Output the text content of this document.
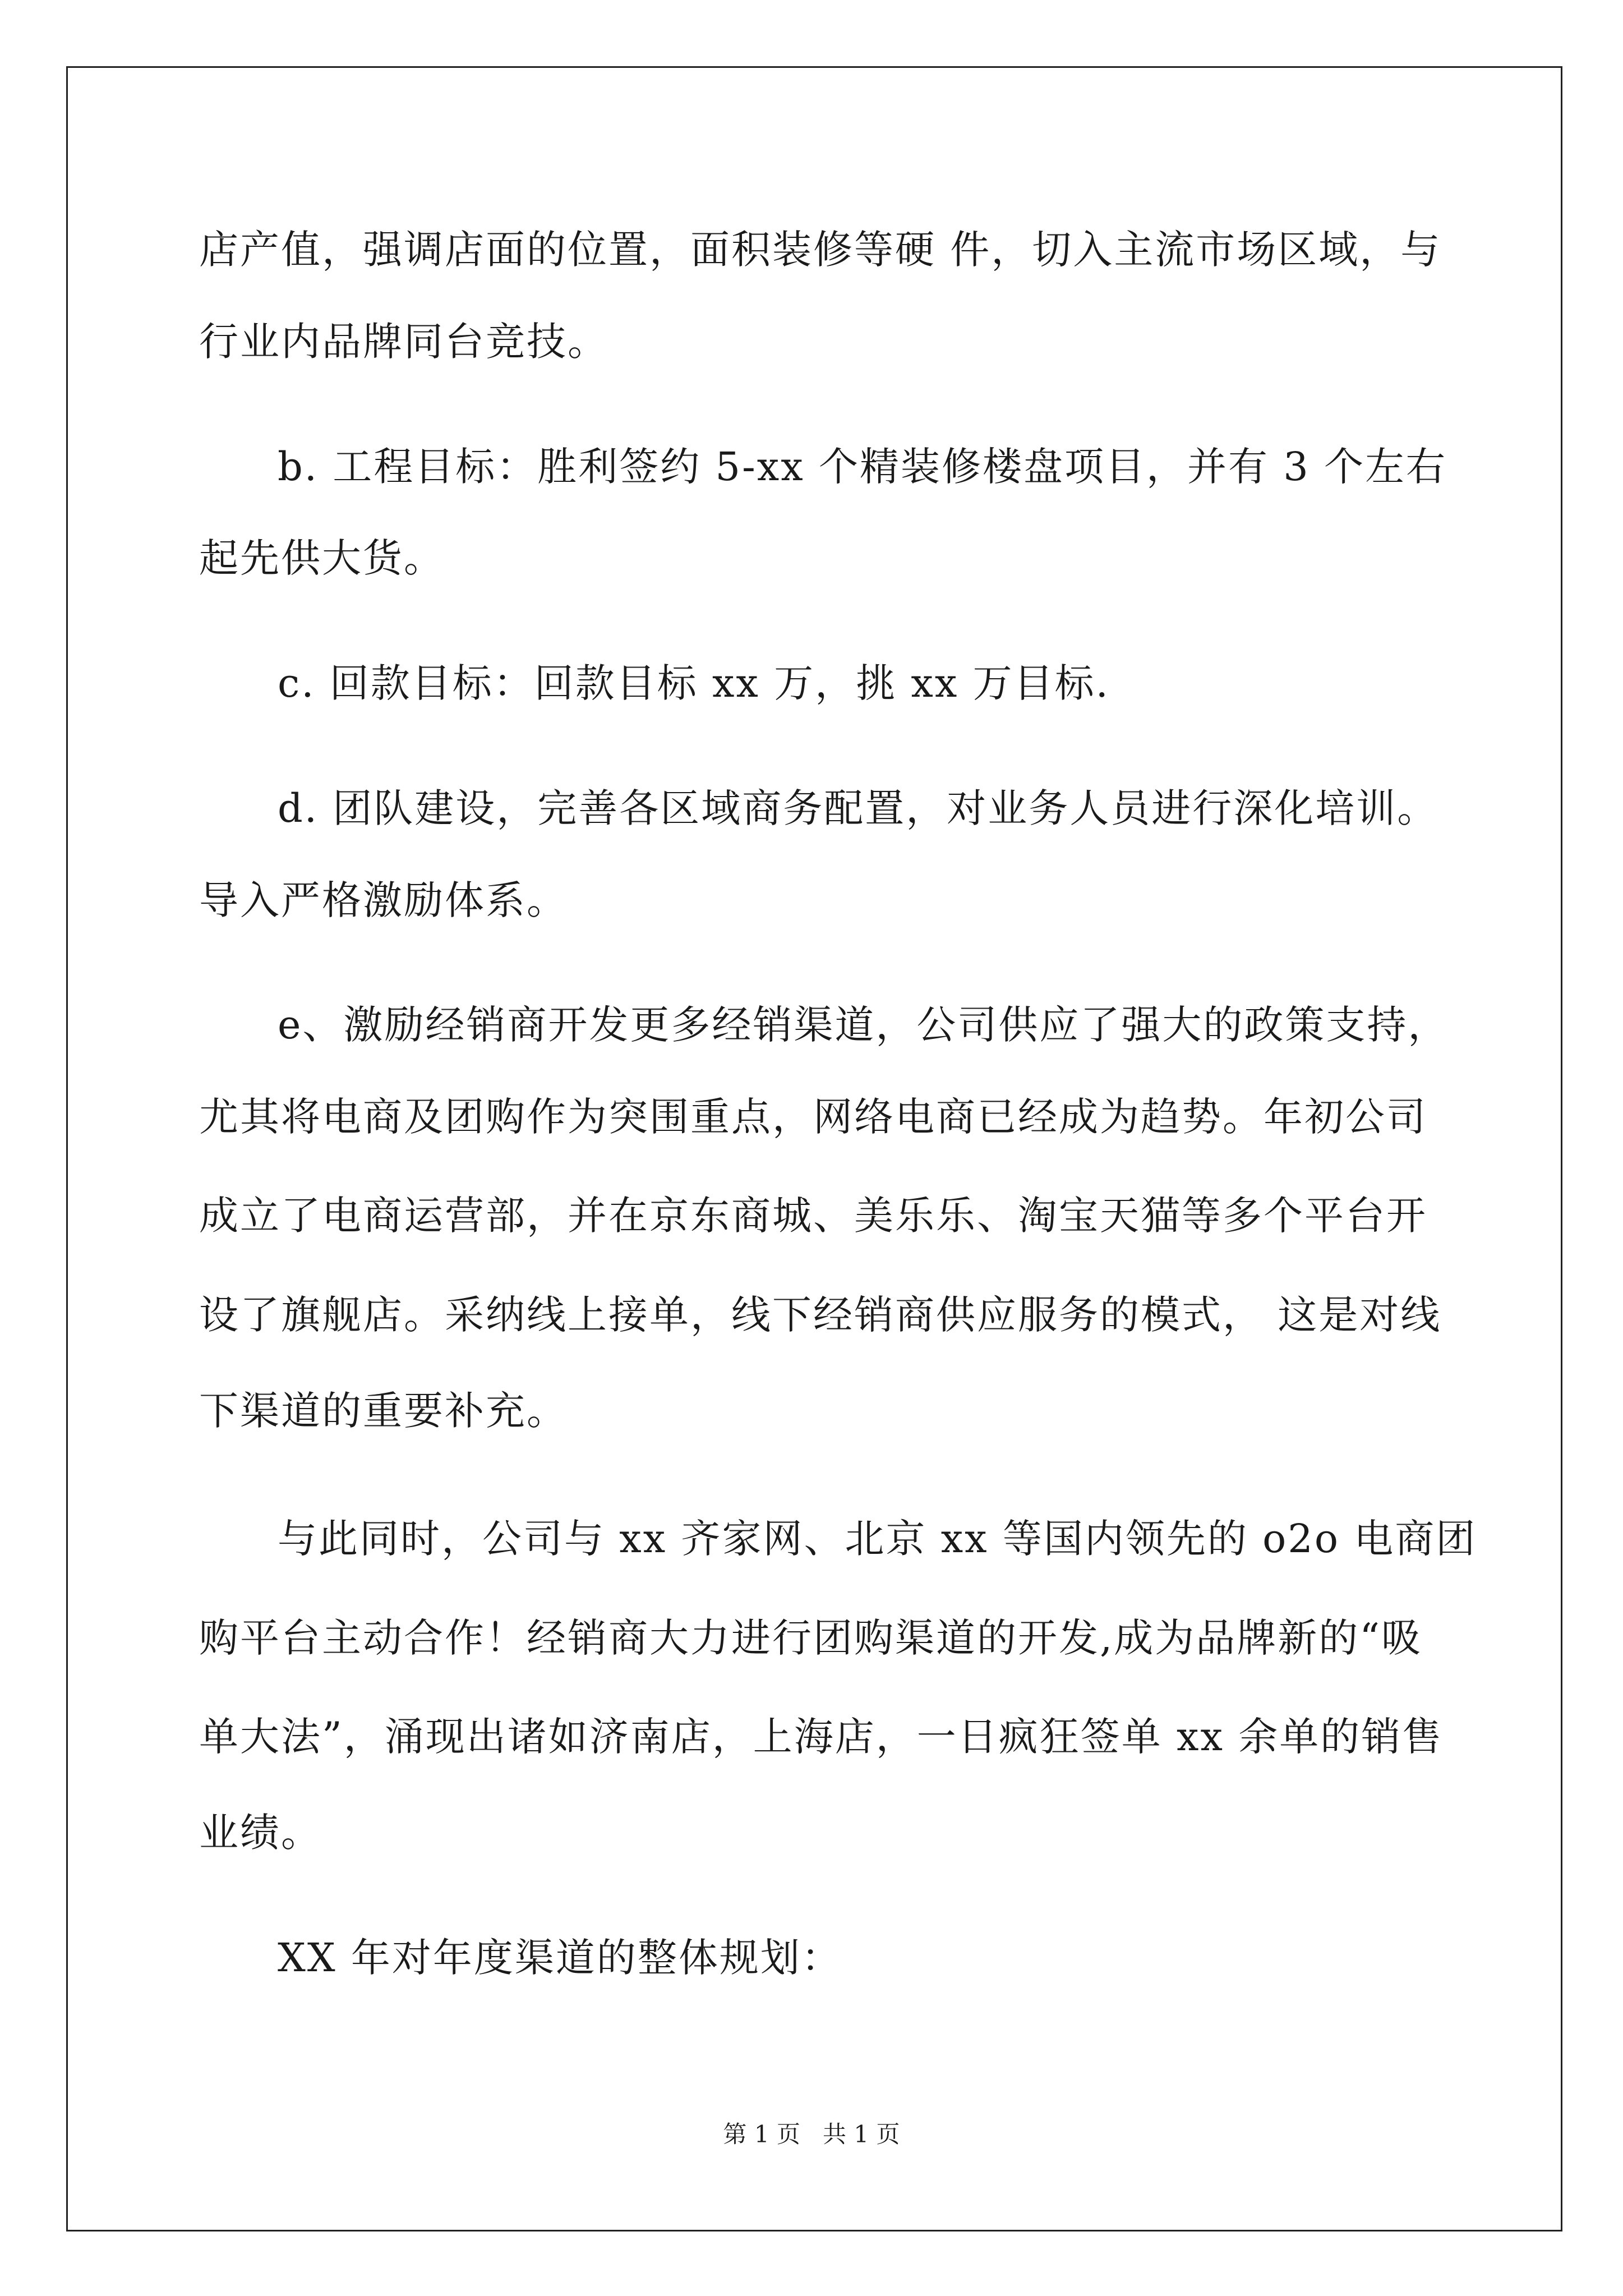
店产值，强调店面的位置，面积装修等硬 件，切入主流市场区域，与
行业内品牌同台竞技。
b. 工程目标：胜利签约 5-xx 个精装修楼盘项目，并有 3 个左右
起先供大货。
c. 回款目标：回款目标 xx 万，挑 xx 万目标.
d. 团队建设，完善各区域商务配置，对业务人员进行深化培训。
导入严格激励体系。
e、激励经销商开发更多经销渠道，公司供应了强大的政策支持，
尤其将电商及团购作为突围重点，网络电商已经成为趋势。年初公司
成立了电商运营部，并在京东商城、美乐乐、淘宝天猫等多个平台开
设了旗舰店。采纳线上接单，线下经销商供应服务的模式， 这是对线
下渠道的重要补充。
与此同时，公司与 xx 齐家网、北京 xx 等国内领先的 o2o 电商团
购平台主动合作！经销商大力进行团购渠道的开发,成为品牌新的“吸
单大法”，涌现出诸如济南店，上海店，一日疯狂签单 xx 余单的销售
业绩。
XX 年对年度渠道的整体规划：
第 1 页   共 1 页
